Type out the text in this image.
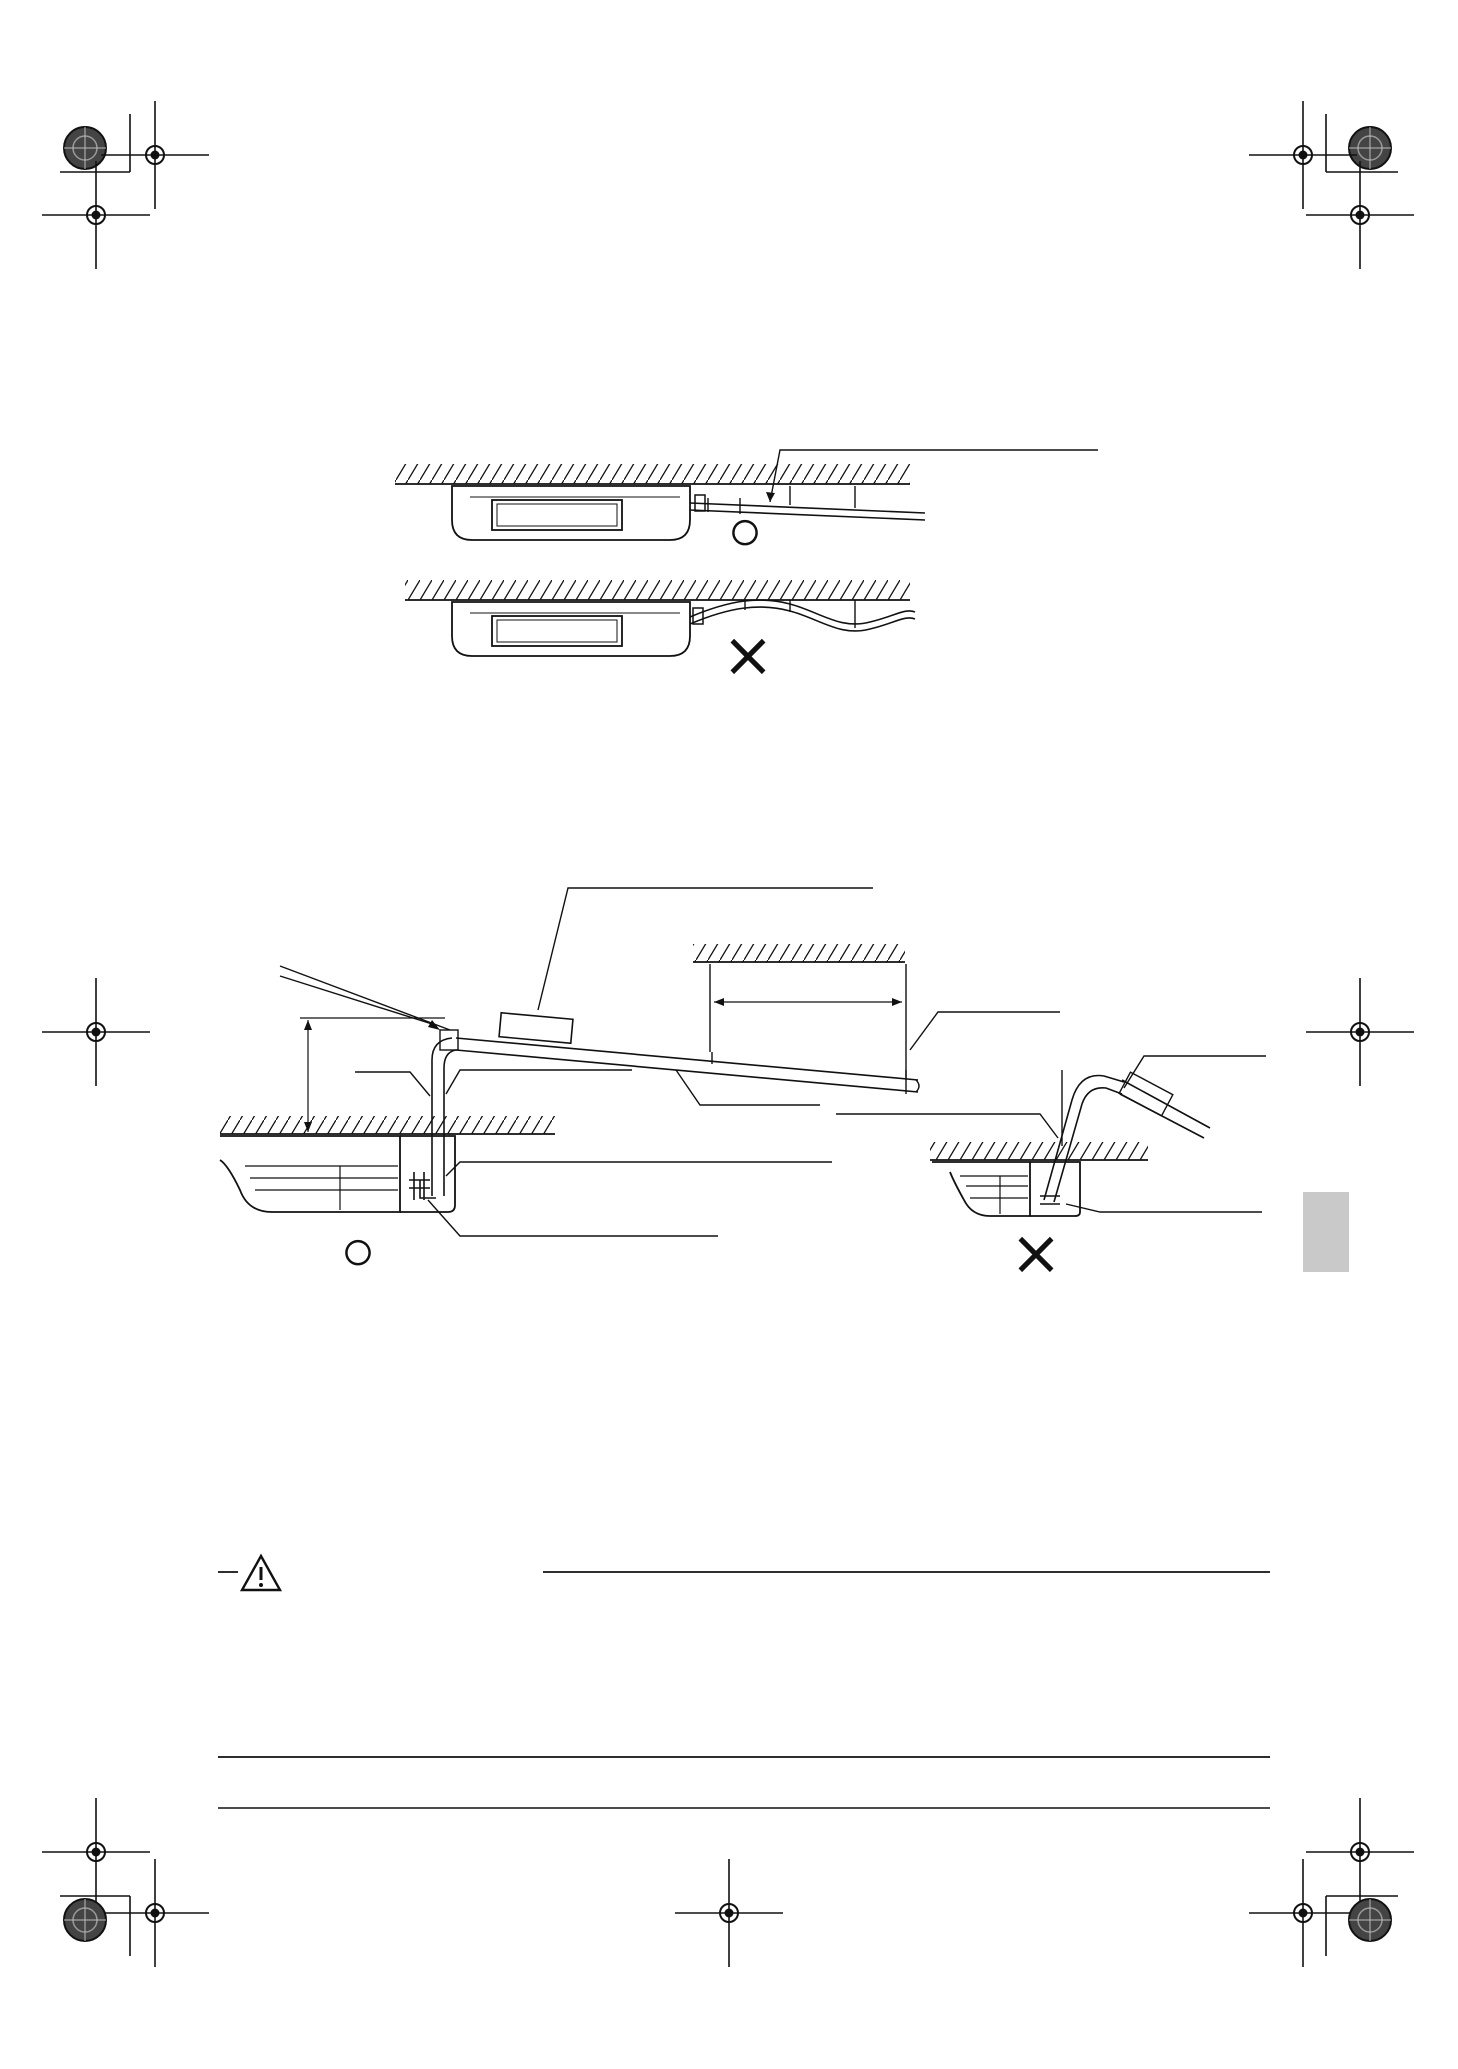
○
×
○	×
